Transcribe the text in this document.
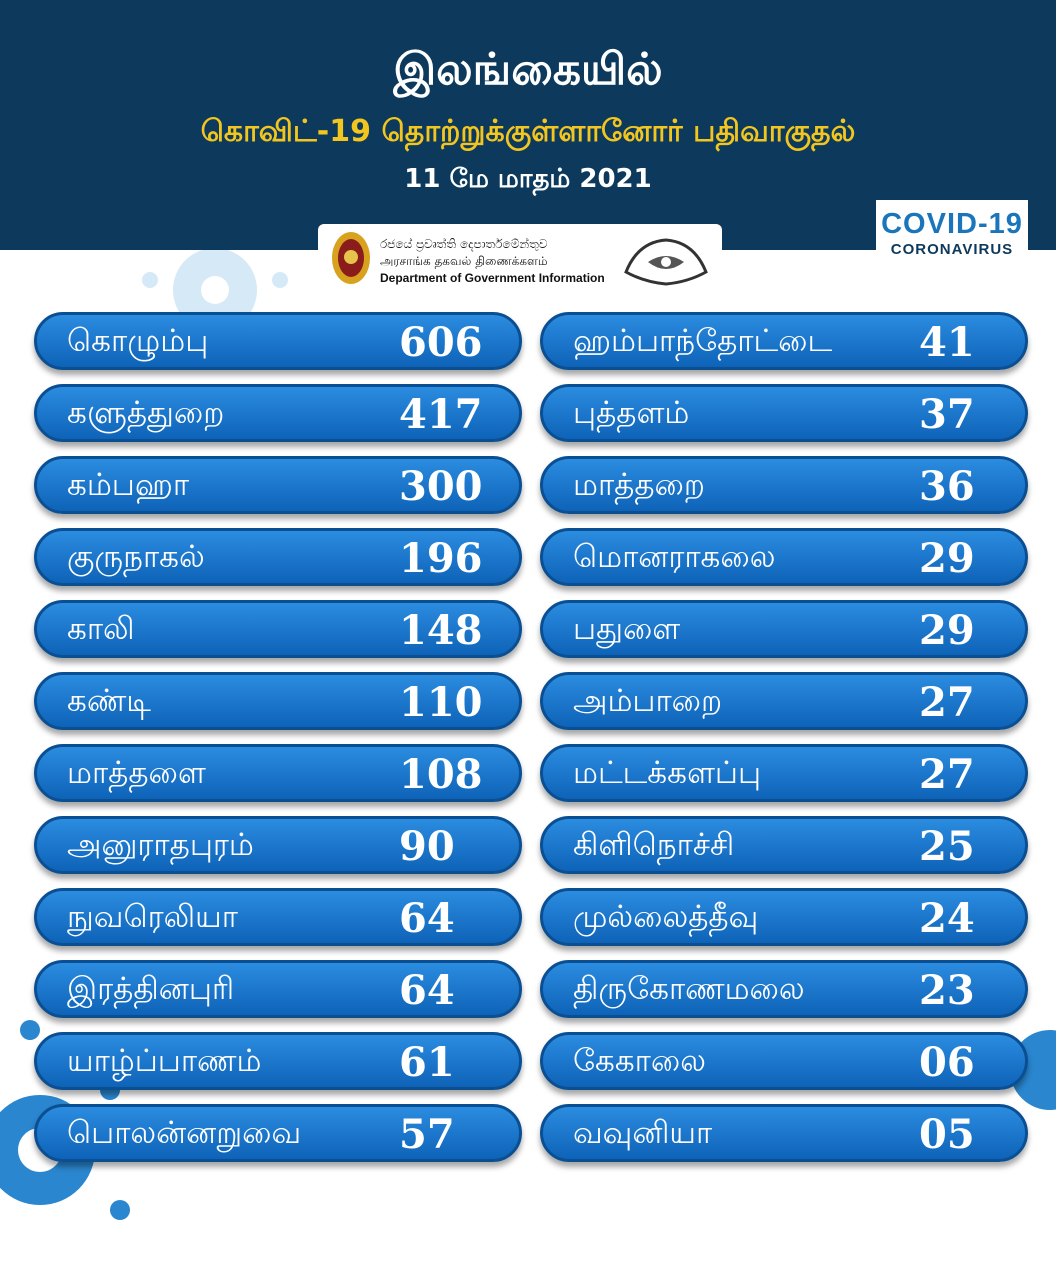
இலங்கையில்
கொவிட்-19 தொற்றுக்குள்ளானோர் பதிவாகுதல்
11 மே மாதம் 2021
රජයේ ප්‍රවෘත්ති දෙපාර්තමේන්තුව
அரசாங்க தகவல் திணைக்களம்
Department of Government Information
COVID-19
CORONAVIRUS
கொழும்பு	606
களுத்துறை	417
கம்பஹா	300
குருநாகல்	196
காலி	148
கண்டி	110
மாத்தளை	108
அனுராதபுரம்	90
நுவரெலியா	64
இரத்தினபுரி	64
யாழ்ப்பாணம்	61
பொலன்னறுவை 57
ஹம்பாந்தோட்டை 41
புத்தளம்	37
மாத்தறை	36
மொனராகலை	29
பதுளை	29
அம்பாறை	27
மட்டக்களப்பு	27
கிளிநொச்சி	25
முல்லைத்தீவு	24
திருகோணமலை	23
கேகாலை	06
வவுனியா	05
